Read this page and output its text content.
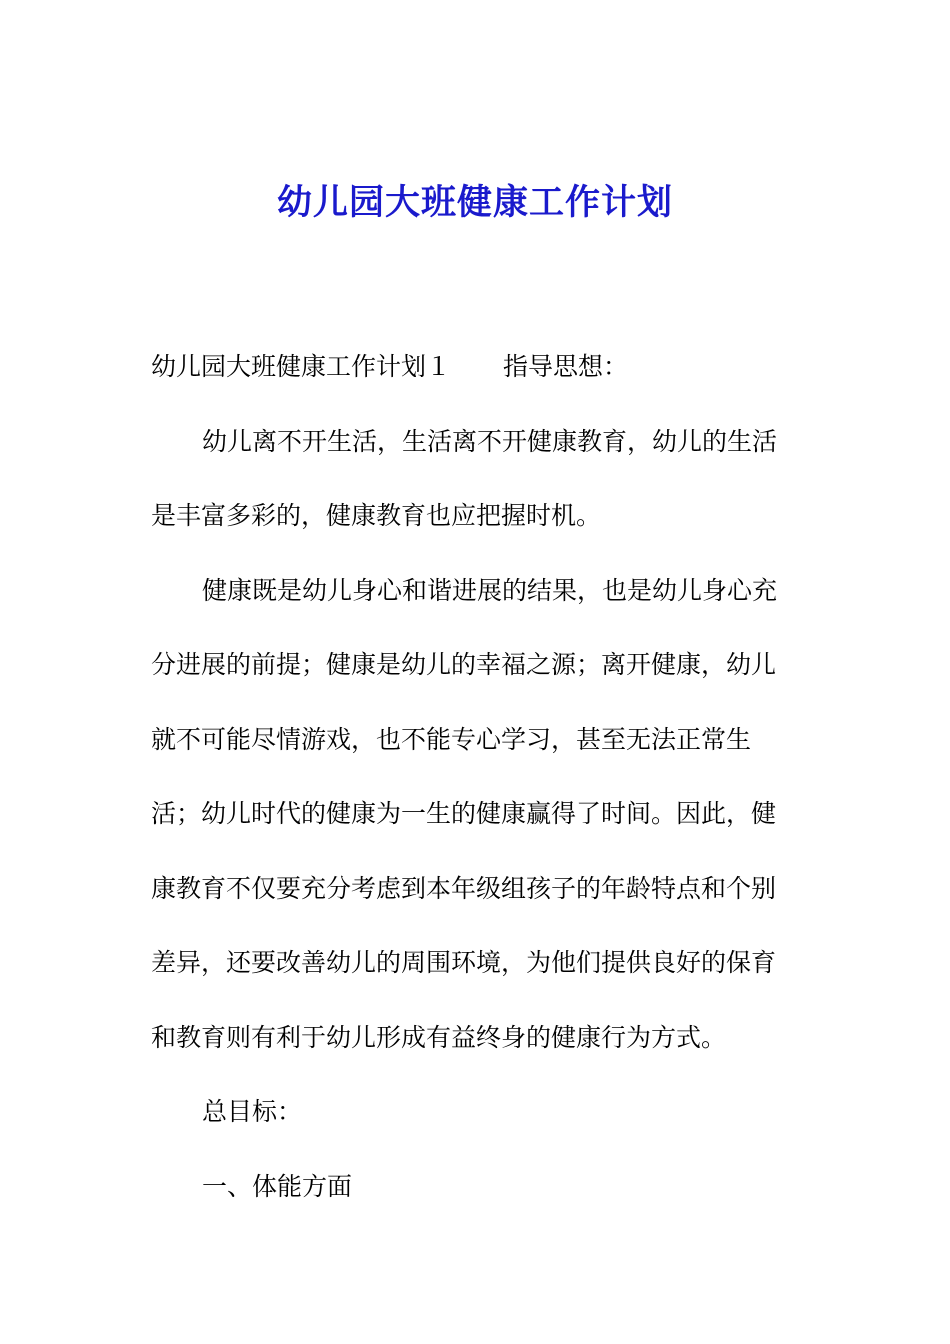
幼儿园大班健康工作计划
幼儿园大班健康工作计划１ 指导思想：
幼儿离不开生活，生活离不开健康教育，幼儿的生活
是丰富多彩的，健康教育也应把握时机。
健康既是幼儿身心和谐进展的结果，也是幼儿身心充
分进展的前提；健康是幼儿的幸福之源；离开健康，幼儿
就不可能尽情游戏，也不能专心学习，甚至无法正常生
活；幼儿时代的健康为一生的健康赢得了时间。因此，健
康教育不仅要充分考虑到本年级组孩子的年龄特点和个别
差异，还要改善幼儿的周围环境，为他们提供良好的保育
和教育则有利于幼儿形成有益终身的健康行为方式。
总目标：
一、体能方面
